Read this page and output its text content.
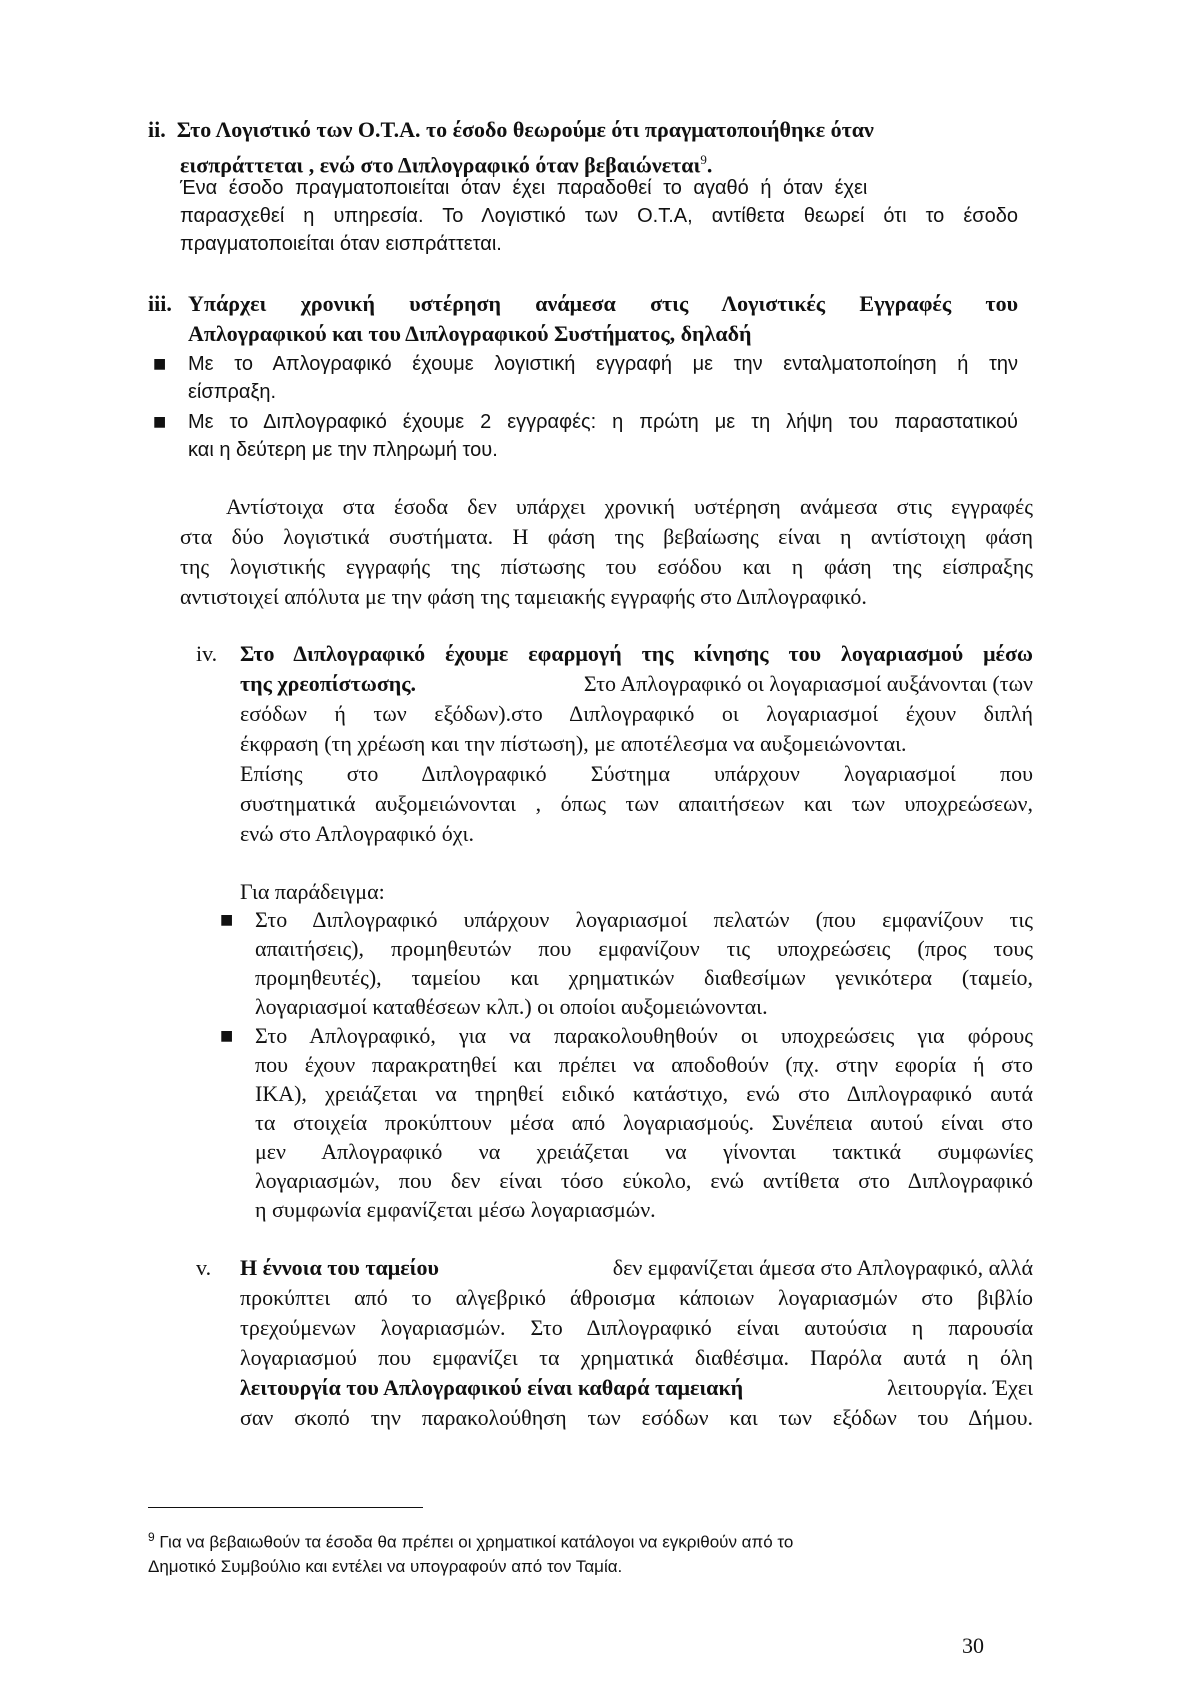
ii. Στο Λογιστικό των Ο.Τ.Α. το έσοδο θεωρούμε ότι πραγματοποιήθηκε όταν
εισπράττεται , ενώ στο Διπλογραφικό όταν βεβαιώνεται$^9$.
Ένα έσοδο πραγματοποιείται όταν έχει παραδοθεί το αγαθό ή όταν έχει
παρασχεθεί η υπηρεσία. Το Λογιστικό των Ο.Τ.Α, αντίθετα θεωρεί ότι το έσοδο
πραγματοποιείται όταν εισπράττεται.
iii. Υπάρχει χρονική υστέρηση ανάμεσα στις Λογιστικές Εγγραφές του
Απλογραφικού και του Διπλογραφικού Συστήματος, δηλαδή
■ Με το Απλογραφικό έχουμε λογιστική εγγραφή με την ενταλματοποίηση ή την
είσπραξη.
■ Με το Διπλογραφικό έχουμε 2 εγγραφές: η πρώτη με τη λήψη του παραστατικού
και η δεύτερη με την πληρωμή του.
Αντίστοιχα στα έσοδα δεν υπάρχει χρονική υστέρηση ανάμεσα στις εγγραφές
στα δύο λογιστικά συστήματα. Η φάση της βεβαίωσης είναι η αντίστοιχη φάση
της λογιστικής εγγραφής της πίστωσης του εσόδου και η φάση της είσπραξης
αντιστοιχεί απόλυτα με την φάση της ταμειακής εγγραφής στο Διπλογραφικό.
iv. Στο Διπλογραφικό έχουμε εφαρμογή της κίνησης του λογαριασμού μέσω
της χρεοπίστωσης.	Στο Απλογραφικό οι λογαριασμοί αυξάνονται (των
εσόδων ή των εξόδων).στο Διπλογραφικό οι λογαριασμοί έχουν διπλή
έκφραση (τη χρέωση και την πίστωση), με αποτέλεσμα να αυξομειώνονται.
Επίσης στο Διπλογραφικό Σύστημα υπάρχουν λογαριασμοί που
συστηματικά αυξομειώνονται , όπως των απαιτήσεων και των υποχρεώσεων,
ενώ στο Απλογραφικό όχι.
Για παράδειγμα:
■ Στο Διπλογραφικό υπάρχουν λογαριασμοί πελατών (που εμφανίζουν τις
απαιτήσεις), προμηθευτών που εμφανίζουν τις υποχρεώσεις (προς τους
προμηθευτές), ταμείου και χρηματικών διαθεσίμων γενικότερα (ταμείο,
λογαριασμοί καταθέσεων κλπ.) οι οποίοι αυξομειώνονται.
■ Στο Απλογραφικό, για να παρακολουθηθούν οι υποχρεώσεις για φόρους
που έχουν παρακρατηθεί και πρέπει να αποδοθούν (πχ. στην εφορία ή στο
ΙΚΑ), χρειάζεται να τηρηθεί ειδικό κατάστιχο, ενώ στο Διπλογραφικό αυτά
τα στοιχεία προκύπτουν μέσα από λογαριασμούς. Συνέπεια αυτού είναι στο
μεν Απλογραφικό να χρειάζεται να γίνονται τακτικά συμφωνίες
λογαριασμών, που δεν είναι τόσο εύκολο, ενώ αντίθετα στο Διπλογραφικό
η συμφωνία εμφανίζεται μέσω λογαριασμών.
v. Η έννοια του ταμείου	δεν εμφανίζεται άμεσα στο Απλογραφικό, αλλά
προκύπτει από το αλγεβρικό άθροισμα κάποιων λογαριασμών στο βιβλίο
τρεχούμενων λογαριασμών. Στο Διπλογραφικό είναι αυτούσια η παρουσία
λογαριασμού που εμφανίζει τα χρηματικά διαθέσιμα. Παρόλα αυτά η όλη
λειτουργία του Απλογραφικού είναι καθαρά ταμειακή	λειτουργία. Έχει
σαν σκοπό την παρακολούθηση των εσόδων και των εξόδων του Δήμου.
$^9$ Για να βεβαιωθούν τα έσοδα θα πρέπει οι χρηματικοί κατάλογοι να εγκριθούν από το
Δημοτικό Συμβούλιο και εντέλει να υπογραφούν από τον Ταμία.
30
